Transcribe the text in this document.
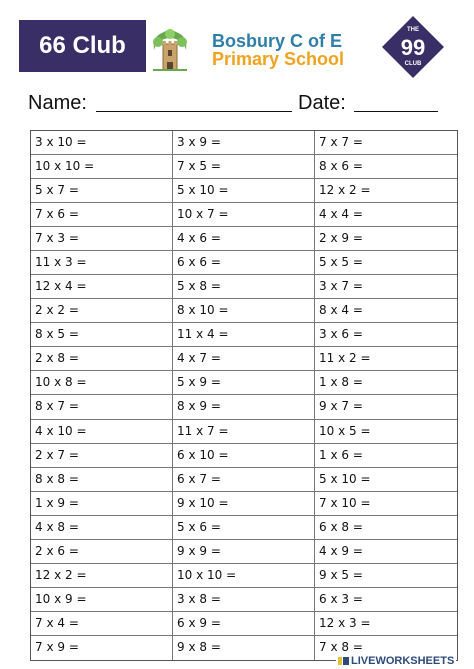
66 Club	Bosbury C of E
Primary School
THE
99
CLUB
Name:	Date:
3 x 10 =	3 x 9 =	7 x 7 =
10 x 10 =	7 x 5 =	8 x 6 =
5 x 7 =	5 x 10 =	12 x 2 =
7 x 6 =	10 x 7 =	4 x 4 =
7 x 3 =	4 x 6 =	2 x 9 =
11 x 3 =	6 x 6 =	5 x 5 =
12 x 4 =	5 x 8 =	3 x 7 =
2 x 2 =	8 x 10 =	8 x 4 =
8 x 5 =	11 x 4 =	3 x 6 =
2 x 8 =	4 x 7 =	11 x 2 =
10 x 8 =	5 x 9 =	1 x 8 =
8 x 7 =	8 x 9 =	9 x 7 =
4 x 10 =	11 x 7 =	10 x 5 =
2 x 7 =	6 x 10 =	1 x 6 =
8 x 8 =	6 x 7 =	5 x 10 =
1 x 9 =	9 x 10 =	7 x 10 =
4 x 8 =	5 x 6 =	6 x 8 =
2 x 6 =	9 x 9 =	4 x 9 =
12 x 2 =	10 x 10 =	9 x 5 =
10 x 9 =	3 x 8 =	6 x 3 =
7 x 4 =	6 x 9 =	12 x 3 =
7 x 9 =	9 x 8 =	7 x 8 =
LIVEWORKSHEETS
